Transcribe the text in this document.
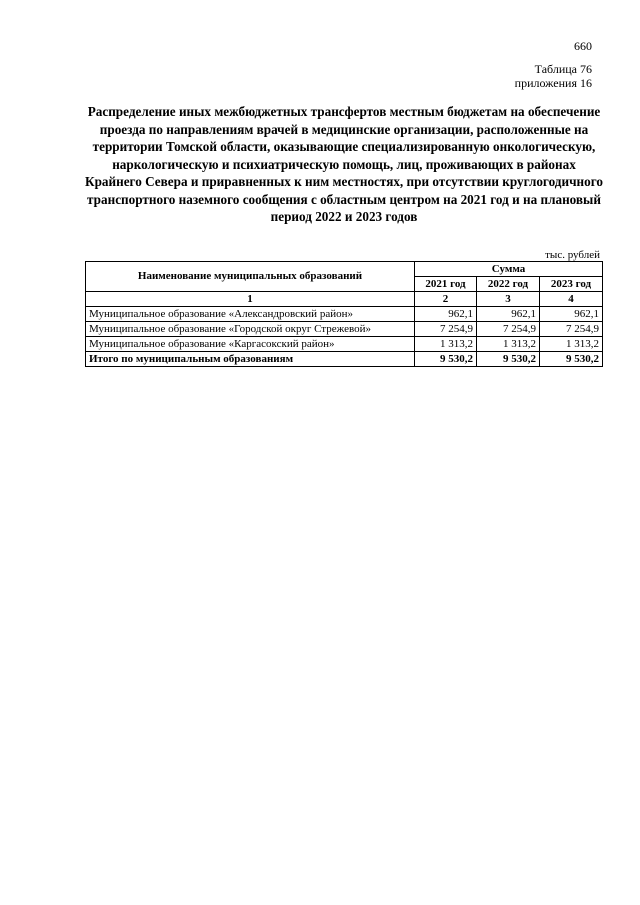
660
Таблица 76
приложения 16
Распределение иных межбюджетных трансфертов местным бюджетам на обеспечение проезда по направлениям врачей в медицинские организации, расположенные на территории Томской области, оказывающие специализированную онкологическую, наркологическую и психиатрическую помощь, лиц, проживающих в районах Крайнего Севера и приравненных к ним местностях, при отсутствии круглогодичного транспортного наземного сообщения с областным центром на 2021 год и на плановый период 2022 и 2023 годов
тыс. рублей
Наименование муниципальных образований	Сумма		
	2021 год	2022 год	2023 год
1	2	3	4
Муниципальное образование «Александровский район»	962,1	962,1	962,1
Муниципальное образование «Городской округ Стрежевой»	7 254,9	7 254,9	7 254,9
Муниципальное образование «Каргасокский район»	1 313,2	1 313,2	1 313,2
Итого по муниципальным образованиям	9 530,2	9 530,2	9 530,2
